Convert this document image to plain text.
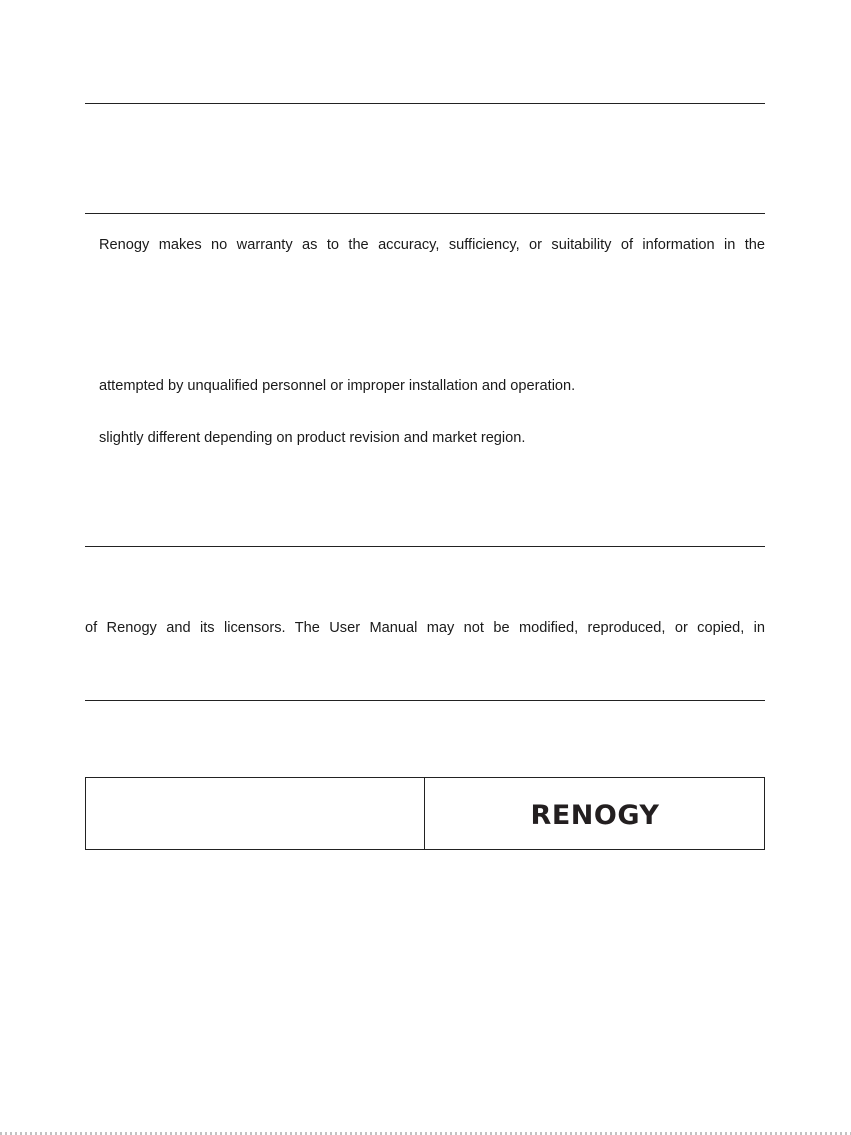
Renogy makes no warranty as to the accuracy, sufficiency, or suitability of information in the
attempted by unqualified personnel or improper installation and operation.
slightly different depending on product revision and market region.
of Renogy and its licensors. The User Manual may not be modified, reproduced, or copied, in
RENOGY
